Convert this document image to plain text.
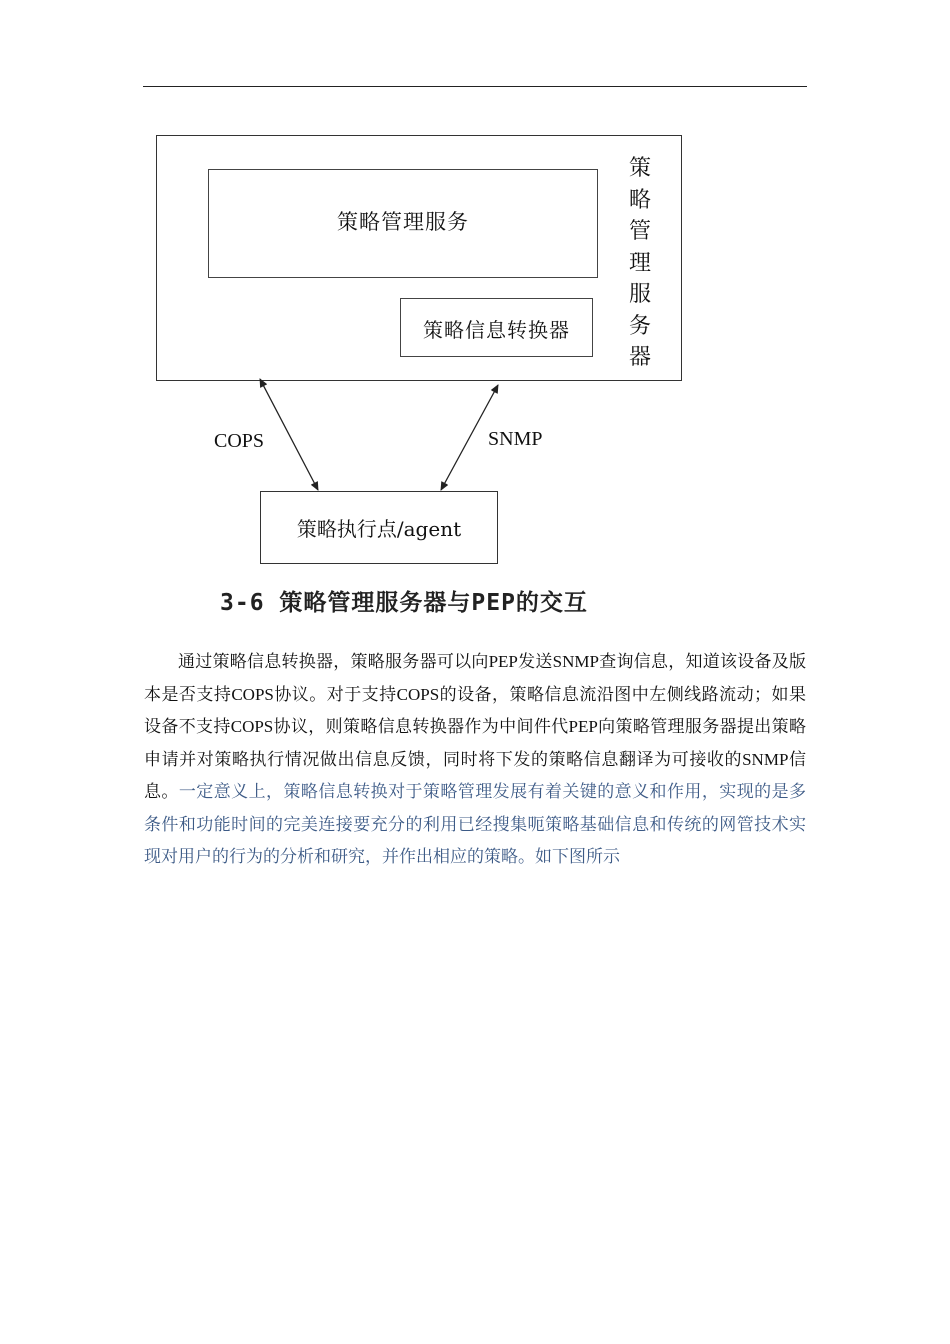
策略管理服务
策略信息转换器
策略管理服务器
COPS	SNMP
策略执行点/agent
3-6 策略管理服务器与PEP的交互
通过策略信息转换器，策略服务器可以向PEP发送SNMP查询信息，知道该设备及版本是否支持COPS协议。对于支持COPS的设备，策略信息流沿图中左侧线路流动；如果设备不支持COPS协议，则策略信息转换器作为中间件代PEP向策略管理服务器提出策略申请并对策略执行情况做出信息反馈，同时将下发的策略信息翻译为可接收的SNMP信息。一定意义上，策略信息转换对于策略管理发展有着关键的意义和作用，实现的是多条件和功能时间的完美连接要充分的利用已经搜集呃策略基础信息和传统的网管技术实现对用户的行为的分析和研究，并作出相应的策略。如下图所示
